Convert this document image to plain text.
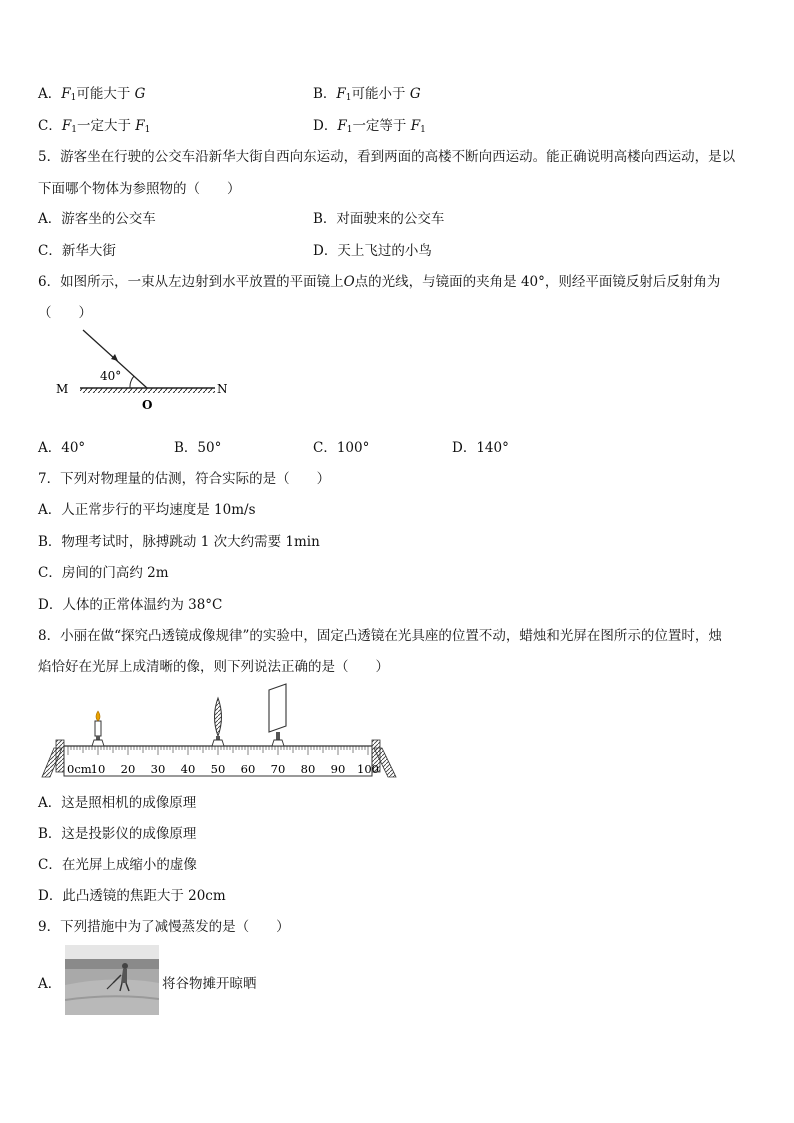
A．$F_1$可能大于 G	B．$F_1$可能小于 G
C．$F_1$一定大于 $F_1$	D．$F_1$一定等于 $F_1$
5．游客坐在行驶的公交车沿新华大街自西向东运动，看到两面的高楼不断向西运动。能正确说明高楼向西运动，是以
下面哪个物体为参照物的（　　）
A．游客坐的公交车	B．对面驶来的公交车
C．新华大街	D．天上飞过的小鸟
6．如图所示，一束从左边射到水平放置的平面镜上O点的光线，与镜面的夹角是 40°，则经平面镜反射后反射角为
（　　）
40°
M	N
O
A．40°	B．50°	C．100°	D．140°
7．下列对物理量的估测，符合实际的是（　　）
A．人正常步行的平均速度是 10m/s
B．物理考试时，脉搏跳动 1 次大约需要 1min
C．房间的门高约 2m
D．人体的正常体温约为 38°C
8．小丽在做“探究凸透镜成像规律”的实验中，固定凸透镜在光具座的位置不动，蜡烛和光屏在图所示的位置时，烛
焰恰好在光屏上成清晰的像，则下列说法正确的是（　　）
0cm 10 20 30 40 50 60 70 80 90 100
A．这是照相机的成像原理
B．这是投影仪的成像原理
C．在光屏上成缩小的虚像
D．此凸透镜的焦距大于 20cm
9．下列措施中为了减慢蒸发的是（　　）
A．	将谷物摊开晾晒
